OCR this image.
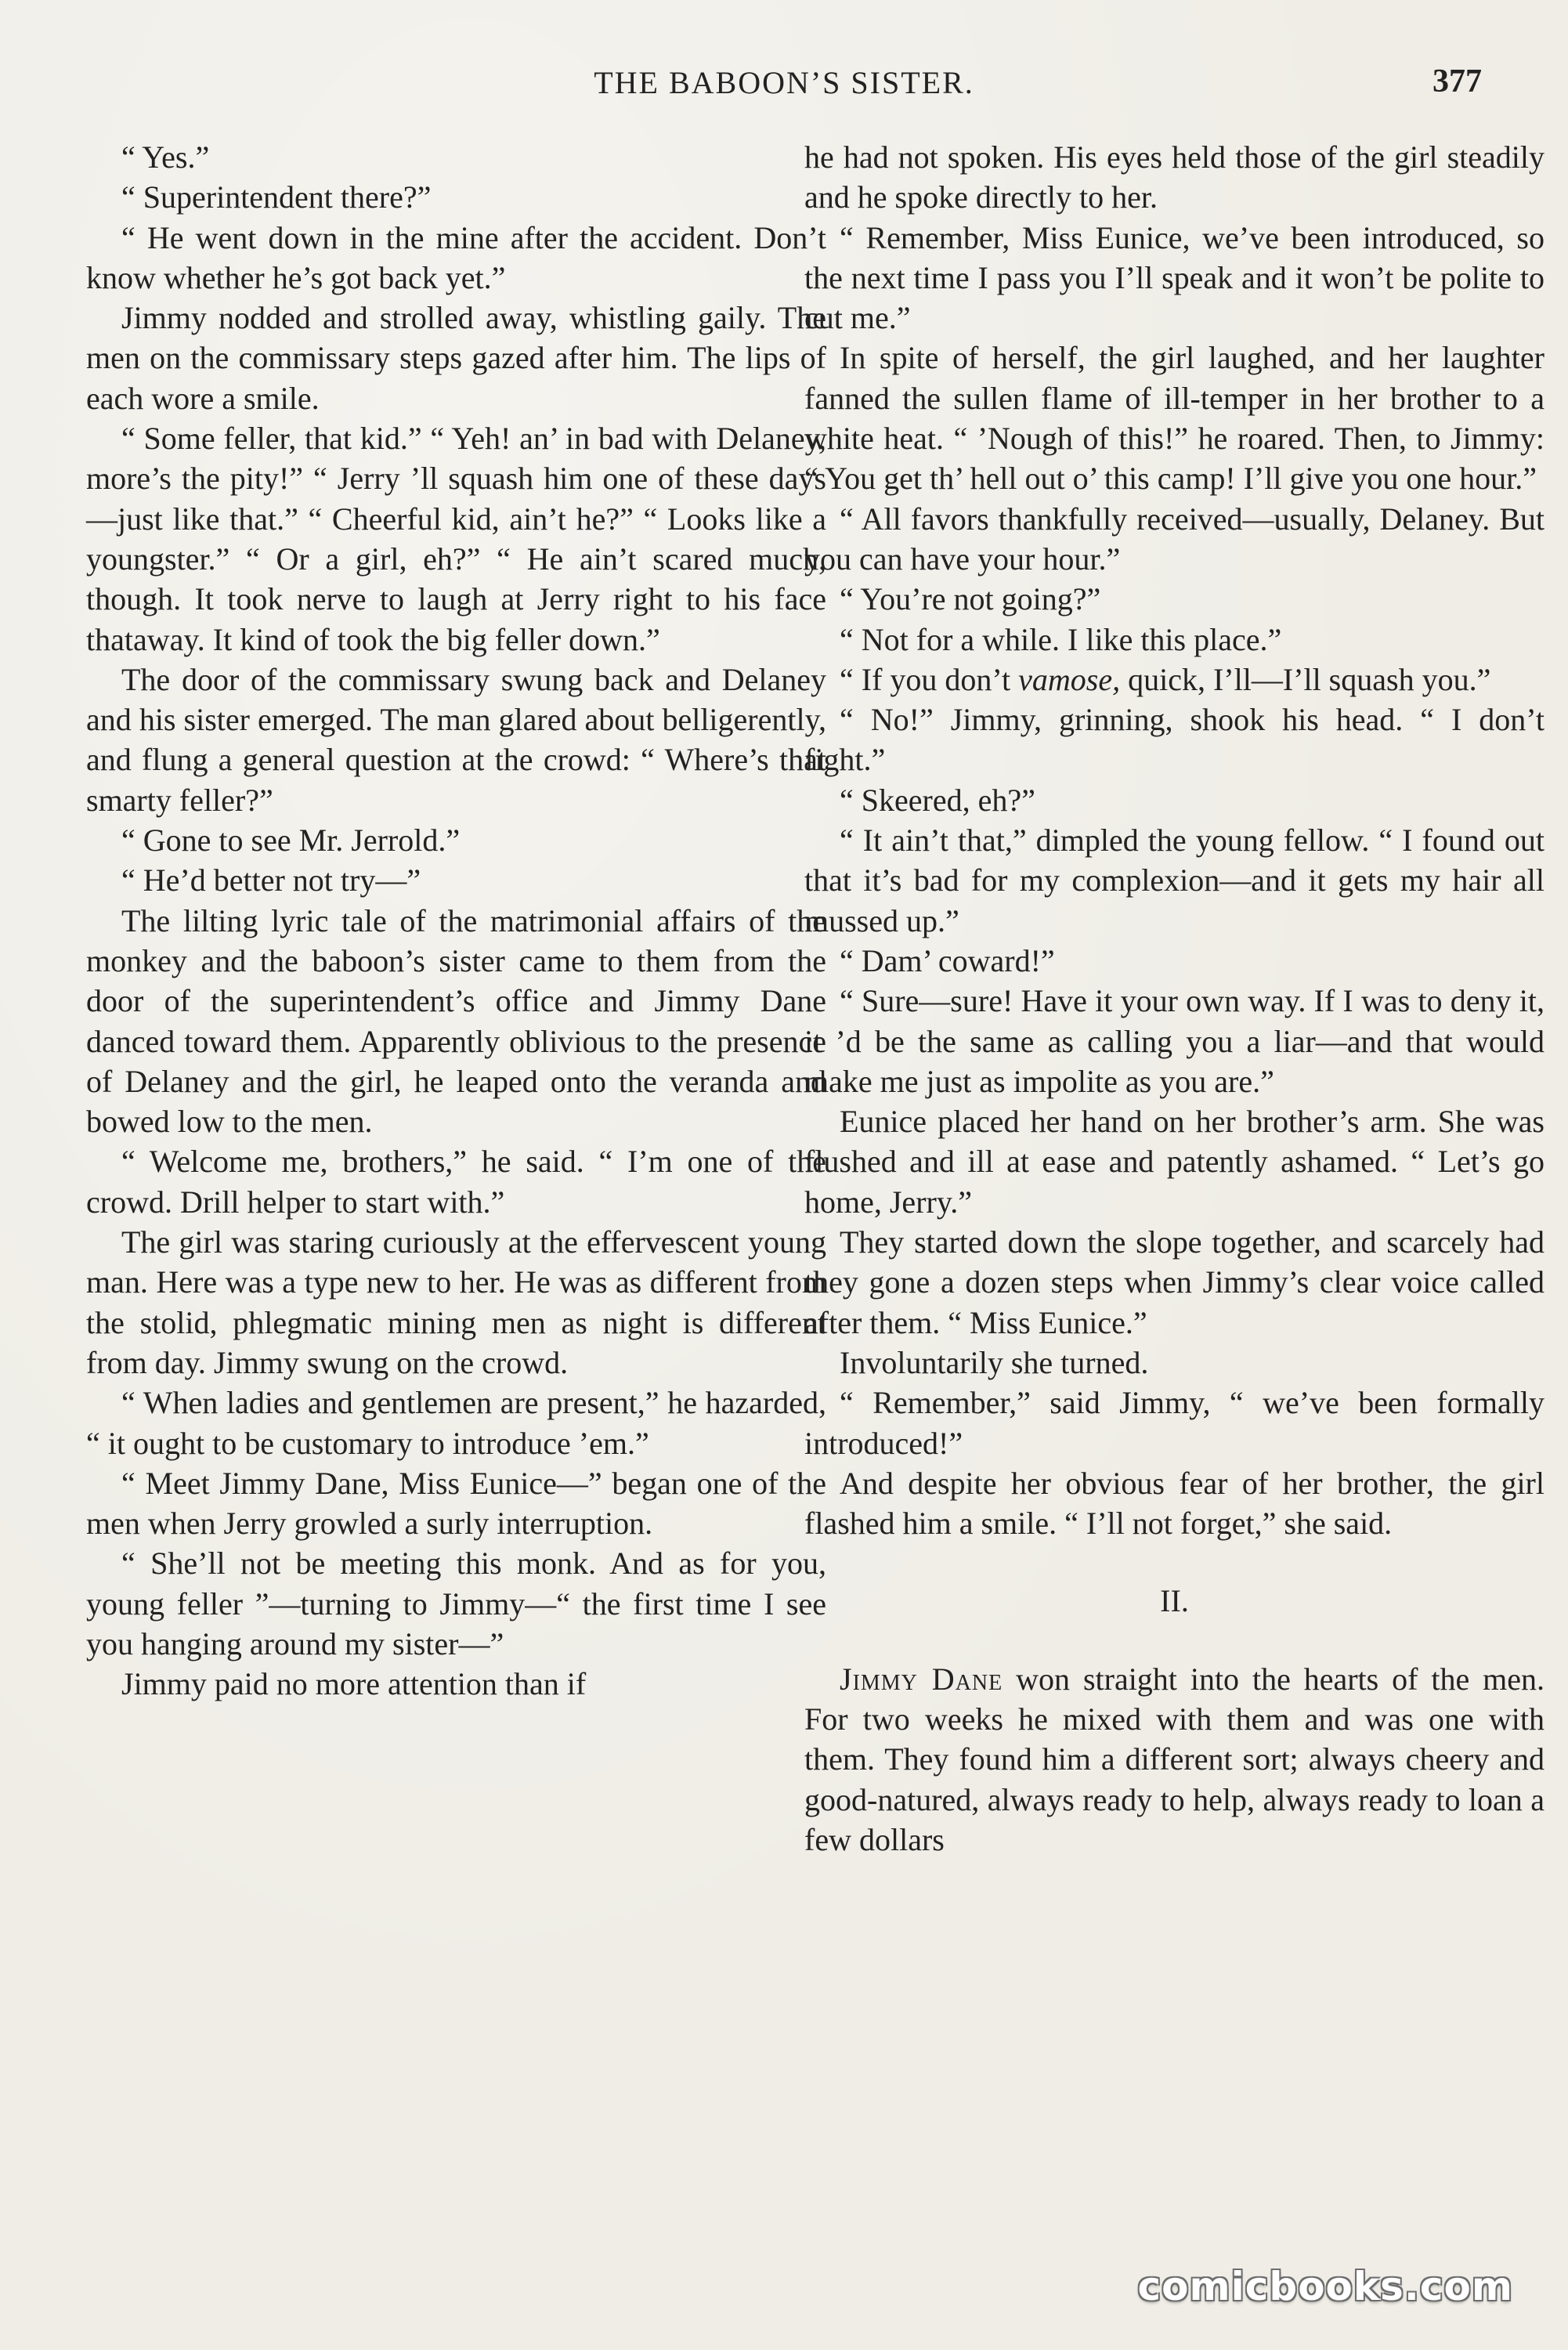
THE BABOON’S SISTER.	377

“ Yes.”

“ Superintendent there?”

“ He went down in the mine after the accident. Don’t know whether he’s got back yet.”

Jimmy nodded and strolled away, whistling gaily. The men on the commissary steps gazed after him. The lips of each wore a smile.

“ Some feller, that kid.” “ Yeh! an’ in bad with Delaney, more’s the pity!” “ Jerry ’ll squash him one of these days—just like that.” “ Cheerful kid, ain’t he?” “ Looks like a youngster.” “ Or a girl, eh?” “ He ain’t scared much, though. It took nerve to laugh at Jerry right to his face thataway. It kind of took the big feller down.”

The door of the commissary swung back and Delaney and his sister emerged. The man glared about belligerently, and flung a general question at the crowd: “ Where’s that smarty feller?”

“ Gone to see Mr. Jerrold.”

“ He’d better not try—”

The lilting lyric tale of the matrimonial affairs of the monkey and the baboon’s sister came to them from the door of the superintendent’s office and Jimmy Dane danced toward them. Apparently oblivious to the presence of Delaney and the girl, he leaped onto the veranda and bowed low to the men.

“ Welcome me, brothers,” he said. “ I’m one of the crowd. Drill helper to start with.”

The girl was staring curiously at the effervescent young man. Here was a type new to her. He was as different from the stolid, phlegmatic mining men as night is different from day. Jimmy swung on the crowd.

“ When ladies and gentlemen are present,” he hazarded, “ it ought to be customary to introduce ’em.”

“ Meet Jimmy Dane, Miss Eunice—” began one of the men when Jerry growled a surly interruption.

“ She’ll not be meeting this monk. And as for you, young feller ”—turning to Jimmy—“ the first time I see you hanging around my sister—”

Jimmy paid no more attention than if

he had not spoken. His eyes held those of the girl steadily and he spoke directly to her.

“ Remember, Miss Eunice, we’ve been introduced, so the next time I pass you I’ll speak and it won’t be polite to cut me.”

In spite of herself, the girl laughed, and her laughter fanned the sullen flame of ill-temper in her brother to a white heat. “ ’Nough of this!” he roared. Then, to Jimmy: “ You get th’ hell out o’ this camp! I’ll give you one hour.”

“ All favors thankfully received—usually, Delaney. But you can have your hour.”

“ You’re not going?”

“ Not for a while. I like this place.”

“ If you don’t vamose, quick, I’ll—I’ll squash you.”

“ No!” Jimmy, grinning, shook his head. “ I don’t fight.”

“ Skeered, eh?”

“ It ain’t that,” dimpled the young fellow. “ I found out that it’s bad for my complexion—and it gets my hair all mussed up.”

“ Dam’ coward!”

“ Sure—sure! Have it your own way. If I was to deny it, it ’d be the same as calling you a liar—and that would make me just as impolite as you are.”

Eunice placed her hand on her brother’s arm. She was flushed and ill at ease and patently ashamed. “ Let’s go home, Jerry.”

They started down the slope together, and scarcely had they gone a dozen steps when Jimmy’s clear voice called after them. “ Miss Eunice.”

Involuntarily she turned.

“ Remember,” said Jimmy, “ we’ve been formally introduced!”

And despite her obvious fear of her brother, the girl flashed him a smile. “ I’ll not forget,” she said.

II.

Jimmy Dane won straight into the hearts of the men. For two weeks he mixed with them and was one with them. They found him a different sort; always cheery and good-natured, always ready to help, always ready to loan a few dollars

comicbooks.com
